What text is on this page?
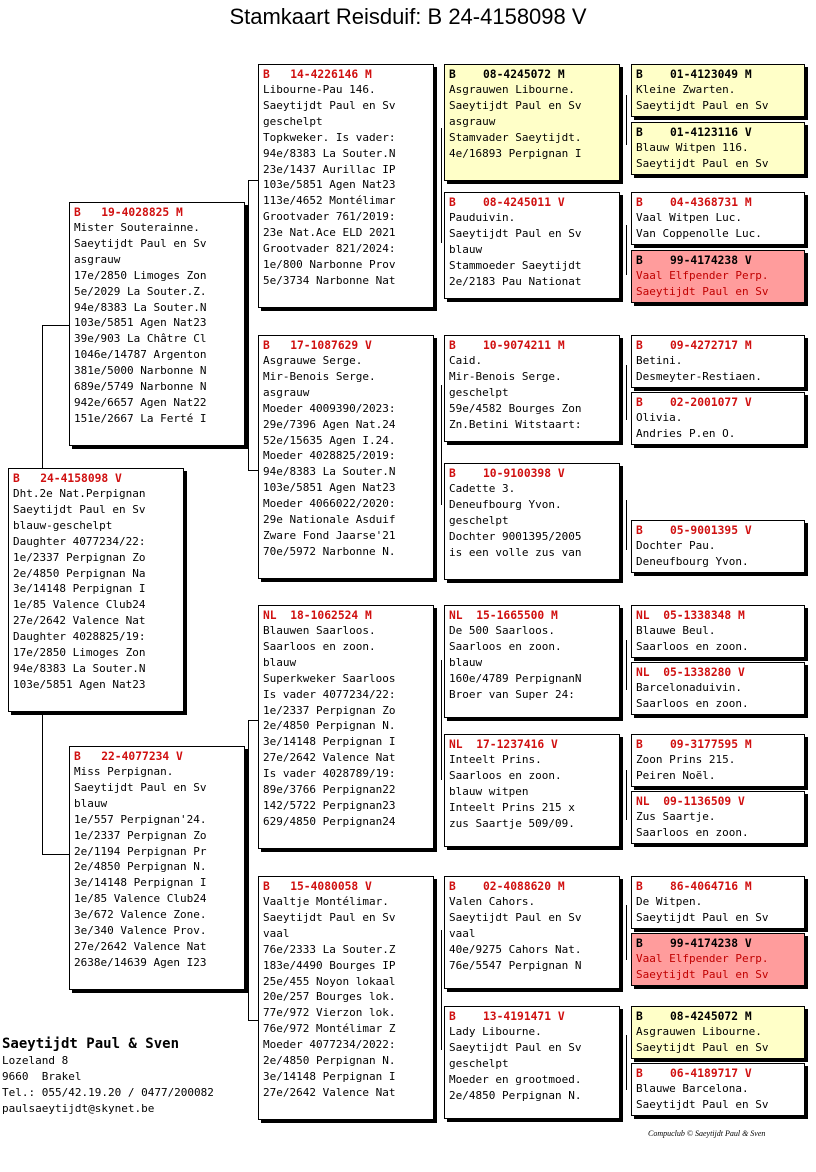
Stamkaart Reisduif: B 24-4158098 V
B   24-4158098 V
Dht.2e Nat.Perpignan
Saeytijdt Paul en Sv
blauw-geschelpt
Daughter 4077234/22:
1e/2337 Perpignan Zo
2e/4850 Perpignan Na
3e/14148 Perpignan I
1e/85 Valence Club24
27e/2642 Valence Nat
Daughter 4028825/19:
17e/2850 Limoges Zon
94e/8383 La Souter.N
103e/5851 Agen Nat23
B   19-4028825 M
Mister Souterainne.
Saeytijdt Paul en Sv
asgrauw
17e/2850 Limoges Zon
5e/2029 La Souter.Z.
94e/8383 La Souter.N
103e/5851 Agen Nat23
39e/903 La Châtre Cl
1046e/14787 Argenton
381e/5000 Narbonne N
689e/5749 Narbonne N
942e/6657 Agen Nat22
151e/2667 La Ferté I
B   22-4077234 V
Miss Perpignan.
Saeytijdt Paul en Sv
blauw
1e/557 Perpignan'24.
1e/2337 Perpignan Zo
2e/1194 Perpignan Pr
2e/4850 Perpignan N.
3e/14148 Perpignan I
1e/85 Valence Club24
3e/672 Valence Zone.
3e/340 Valence Prov.
27e/2642 Valence Nat
2638e/14639 Agen I23
B   14-4226146 M
Libourne-Pau 146.
Saeytijdt Paul en Sv
geschelpt
Topkweker. Is vader:
94e/8383 La Souter.N
23e/1437 Aurillac IP
103e/5851 Agen Nat23
113e/4652 Montélimar
Grootvader 761/2019:
23e Nat.Ace ELD 2021
Grootvader 821/2024:
1e/800 Narbonne Prov
5e/3734 Narbonne Nat
B   17-1087629 V
Asgrauwe Serge.
Mir-Benois Serge.
asgrauw
Moeder 4009390/2023:
29e/7396 Agen Nat.24
52e/15635 Agen I.24.
Moeder 4028825/2019:
94e/8383 La Souter.N
103e/5851 Agen Nat23
Moeder 4066022/2020:
29e Nationale Asduif
Zware Fond Jaarse'21
70e/5972 Narbonne N.
NL  18-1062524 M
Blauwen Saarloos.
Saarloos en zoon.
blauw
Superkweker Saarloos
Is vader 4077234/22:
1e/2337 Perpignan Zo
2e/4850 Perpignan N.
3e/14148 Perpignan I
27e/2642 Valence Nat
Is vader 4028789/19:
89e/3766 Perpignan22
142/5722 Perpignan23
629/4850 Perpignan24
B   15-4080058 V
Vaaltje Montélimar.
Saeytijdt Paul en Sv
vaal
76e/2333 La Souter.Z
183e/4490 Bourges IP
25e/455 Noyon lokaal
20e/257 Bourges lok.
77e/972 Vierzon lok.
76e/972 Montélimar Z
Moeder 4077234/2022:
2e/4850 Perpignan N.
3e/14148 Perpignan I
27e/2642 Valence Nat
B    08-4245072 M
Asgrauwen Libourne.
Saeytijdt Paul en Sv
asgrauw
Stamvader Saeytijdt.
4e/16893 Perpignan I
B    08-4245011 V
Pauduivin.
Saeytijdt Paul en Sv
blauw
Stammoeder Saeytijdt
2e/2183 Pau Nationat
B    10-9074211 M
Caid.
Mir-Benois Serge.
geschelpt
59e/4582 Bourges Zon
Zn.Betini Witstaart:
B    10-9100398 V
Cadette 3.
Deneufbourg Yvon.
geschelpt
Dochter 9001395/2005
is een volle zus van
NL  15-1665500 M
De 500 Saarloos.
Saarloos en zoon.
blauw
160e/4789 PerpignanN
Broer van Super 24:
NL  17-1237416 V
Inteelt Prins.
Saarloos en zoon.
blauw witpen
Inteelt Prins 215 x
zus Saartje 509/09.
B    02-4088620 M
Valen Cahors.
Saeytijdt Paul en Sv
vaal
40e/9275 Cahors Nat.
76e/5547 Perpignan N
B    13-4191471 V
Lady Libourne.
Saeytijdt Paul en Sv
geschelpt
Moeder en grootmoed.
2e/4850 Perpignan N.
B    01-4123049 M
Kleine Zwarten.
Saeytijdt Paul en Sv
B    01-4123116 V
Blauw Witpen 116.
Saeytijdt Paul en Sv
B    04-4368731 M
Vaal Witpen Luc.
Van Coppenolle Luc.
B    99-4174238 V
Vaal Elfpender Perp.
Saeytijdt Paul en Sv
B    09-4272717 M
Betini.
Desmeyter-Restiaen.
B    02-2001077 V
Olivia.
Andries P.en O.
B    05-9001395 V
Dochter Pau.
Deneufbourg Yvon.
NL  05-1338348 M
Blauwe Beul.
Saarloos en zoon.
NL  05-1338280 V
Barcelonaduivin.
Saarloos en zoon.
B    09-3177595 M
Zoon Prins 215.
Peiren Noël.
NL  09-1136509 V
Zus Saartje.
Saarloos en zoon.
B    86-4064716 M
De Witpen.
Saeytijdt Paul en Sv
B    99-4174238 V
Vaal Elfpender Perp.
Saeytijdt Paul en Sv
B    08-4245072 M
Asgrauwen Libourne.
Saeytijdt Paul en Sv
B    06-4189717 V
Blauwe Barcelona.
Saeytijdt Paul en Sv
Saeytijdt Paul & Sven
Lozeland 8
9660  Brakel
Tel.: 055/42.19.20 / 0477/200082
paulsaeytijdt@skynet.be
Compuclub © Saeytijdt Paul & Sven
